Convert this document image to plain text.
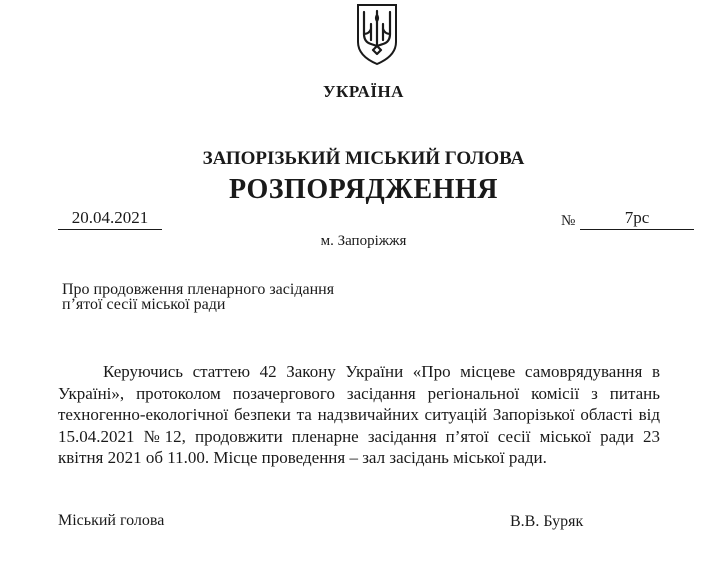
УКРАЇНА
ЗАПОРІЗЬКИЙ МІСЬКИЙ ГОЛОВА
РОЗПОРЯДЖЕННЯ
20.04.2021	№	7рс
м. Запоріжжя
Про продовження пленарного засідання
п’ятої сесії міської ради

Керуючись статтею 42 Закону України «Про місцеве самоврядування в Україні», протоколом позачергового засідання регіональної комісії з питань техногенно-екологічної безпеки та надзвичайних ситуацій Запорізької області від 15.04.2021 №12, продовжити пленарне засідання п’ятої сесії міської ради 23 квітня 2021 об 11.00. Місце проведення – зал засідань міської ради.

Міський голова	В.В. Буряк
